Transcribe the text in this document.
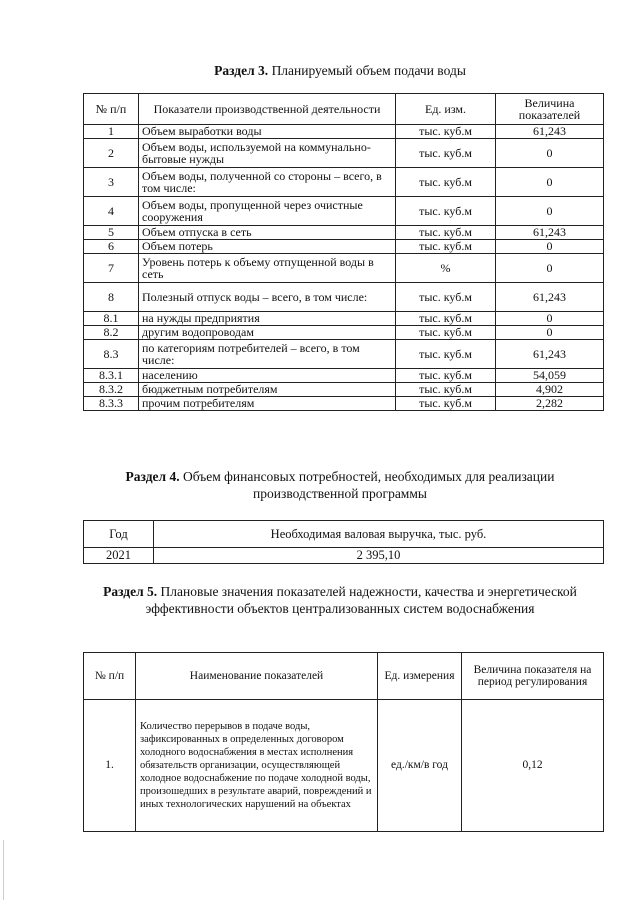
Раздел 3. Планируемый объем подачи воды
№ п/п	Показатели производственной деятельности	Ед. изм.	Величина показателей
1	Объем выработки воды	тыс. куб.м	61,243
2	Объем воды, используемой на коммунально-бытовые нужды	тыс. куб.м	0
3	Объем воды, полученной со стороны – всего, в том числе:	тыс. куб.м	0
4	Объем воды, пропущенной через очистные сооружения	тыс. куб.м	0
5	Объем отпуска в сеть	тыс. куб.м	61,243
6	Объем потерь	тыс. куб.м	0
7	Уровень потерь к объему отпущенной воды в сеть	%	0
8	Полезный отпуск воды – всего, в том числе:	тыс. куб.м	61,243
8.1	на нужды предприятия	тыс. куб.м	0
8.2	другим водопроводам	тыс. куб.м	0
8.3	по категориям потребителей – всего, в том числе:	тыс. куб.м	61,243
8.3.1	населению	тыс. куб.м	54,059
8.3.2	бюджетным потребителям	тыс. куб.м	4,902
8.3.3	прочим потребителям	тыс. куб.м	2,282
Раздел 4. Объем финансовых потребностей, необходимых для реализации производственной программы
Год	Необходимая валовая выручка, тыс. руб.
2021	2 395,10
Раздел 5. Плановые значения показателей надежности, качества и энергетической эффективности объектов централизованных систем водоснабжения
№ п/п	Наименование показателей	Ед. измерения	Величина показателя на период регулирования
1.	Количество перерывов в подаче воды, зафиксированных в определенных договором холодного водоснабжения в местах исполнения обязательств организации, осуществляющей холодное водоснабжение по подаче холодной воды, произошедших в результате аварий, повреждений и иных технологических нарушений на объектах	ед./км/в год	0,12
